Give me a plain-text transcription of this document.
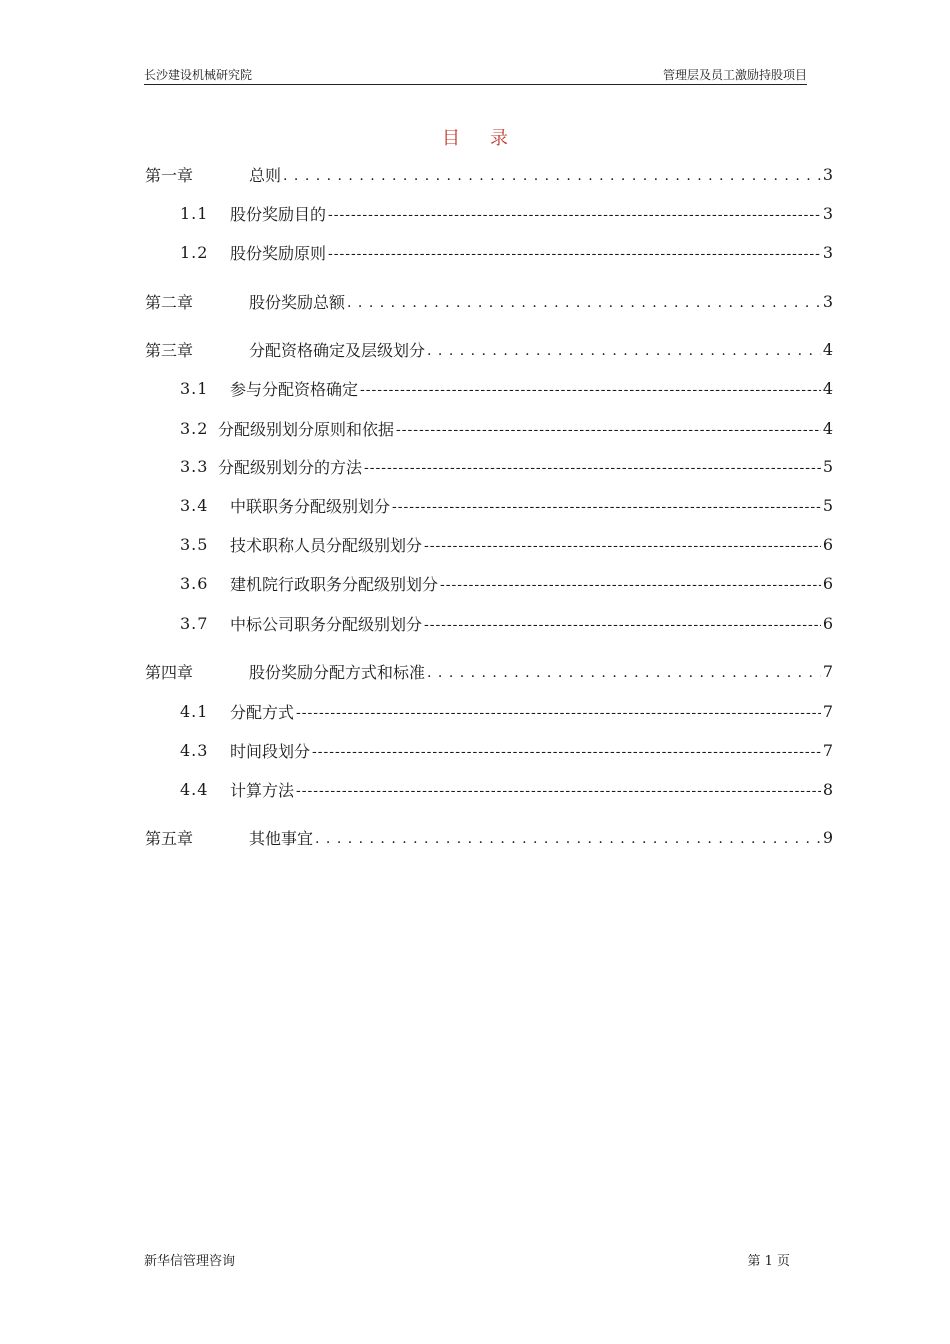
长沙建设机械研究院	管理层及员工激励持股项目
目 录
第一章	总则 . . .	3
1.1	股份奖励目的 -----	3
1.2	股份奖励原则 -----	3
第二章	股份奖励总额 . . .	3
第三章	分配资格确定及层级划分 . . .	4
3.1	参与分配资格确定 -----	4
3.2 分配级别划分原则和依据 -----	4
3.3 分配级别划分的方法 -----	5
3.4	中联职务分配级别划分 -----	5
3.5	技术职称人员分配级别划分 -----	6
3.6	建机院行政职务分配级别划分 -----	6
3.7	中标公司职务分配级别划分 -----	6
第四章	股份奖励分配方式和标准 . . .	7
4.1	分配方式 -----	7
4.3	时间段划分 -----	7
4.4	计算方法 -----	8
第五章	其他事宜 . . .	9
新华信管理咨询	第 1 页
